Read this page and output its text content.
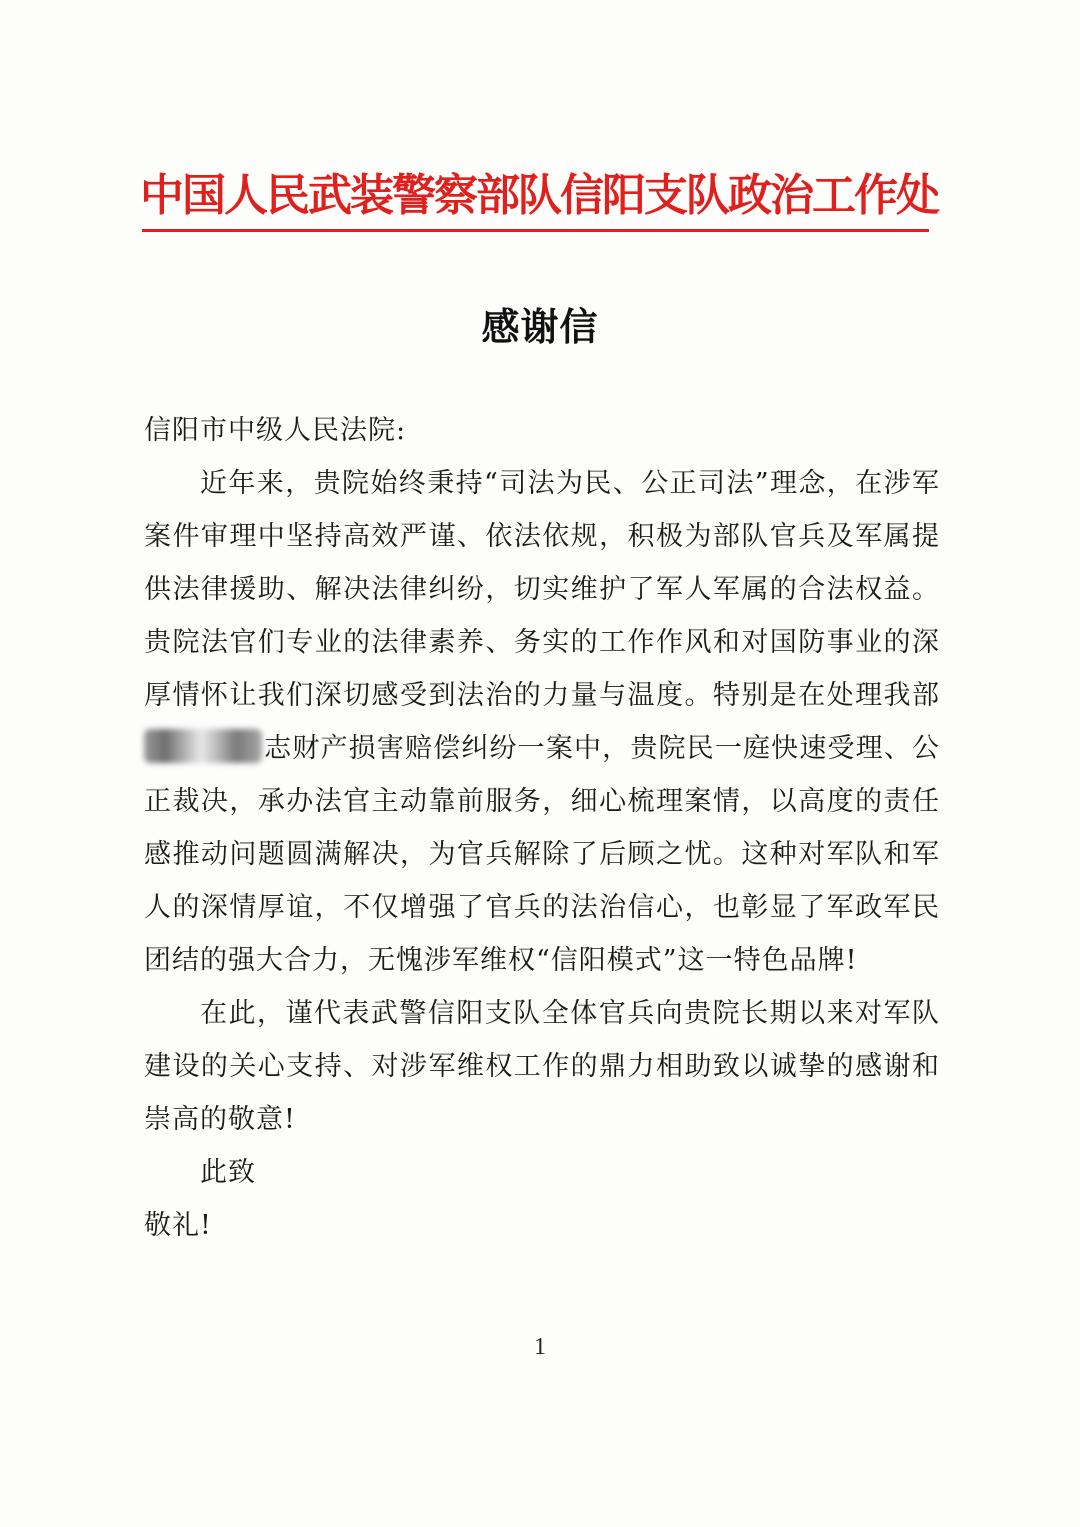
中国人民武装警察部队信阳支队政治工作处
感谢信

信阳市中级人民法院:

近年来，贵院始终秉持“司法为民、公正司法”理念，在涉军案件审理中坚持高效严谨、依法依规，积极为部队官兵及军属提供法律援助、解决法律纠纷，切实维护了军人军属的合法权益。贵院法官们专业的法律素养、务实的工作作风和对国防事业的深厚情怀让我们深切感受到法治的力量与温度。特别是在处理我部志财产损害赔偿纠纷一案中，贵院民一庭快速受理、公正裁决，承办法官主动靠前服务，细心梳理案情，以高度的责任感推动问题圆满解决，为官兵解除了后顾之忧。这种对军队和军人的深情厚谊，不仅增强了官兵的法治信心，也彰显了军政军民团结的强大合力，无愧涉军维权“信阳模式”这一特色品牌!

在此，谨代表武警信阳支队全体官兵向贵院长期以来对军队建设的关心支持、对涉军维权工作的鼎力相助致以诚挚的感谢和崇高的敬意!

此致

敬礼!

1
